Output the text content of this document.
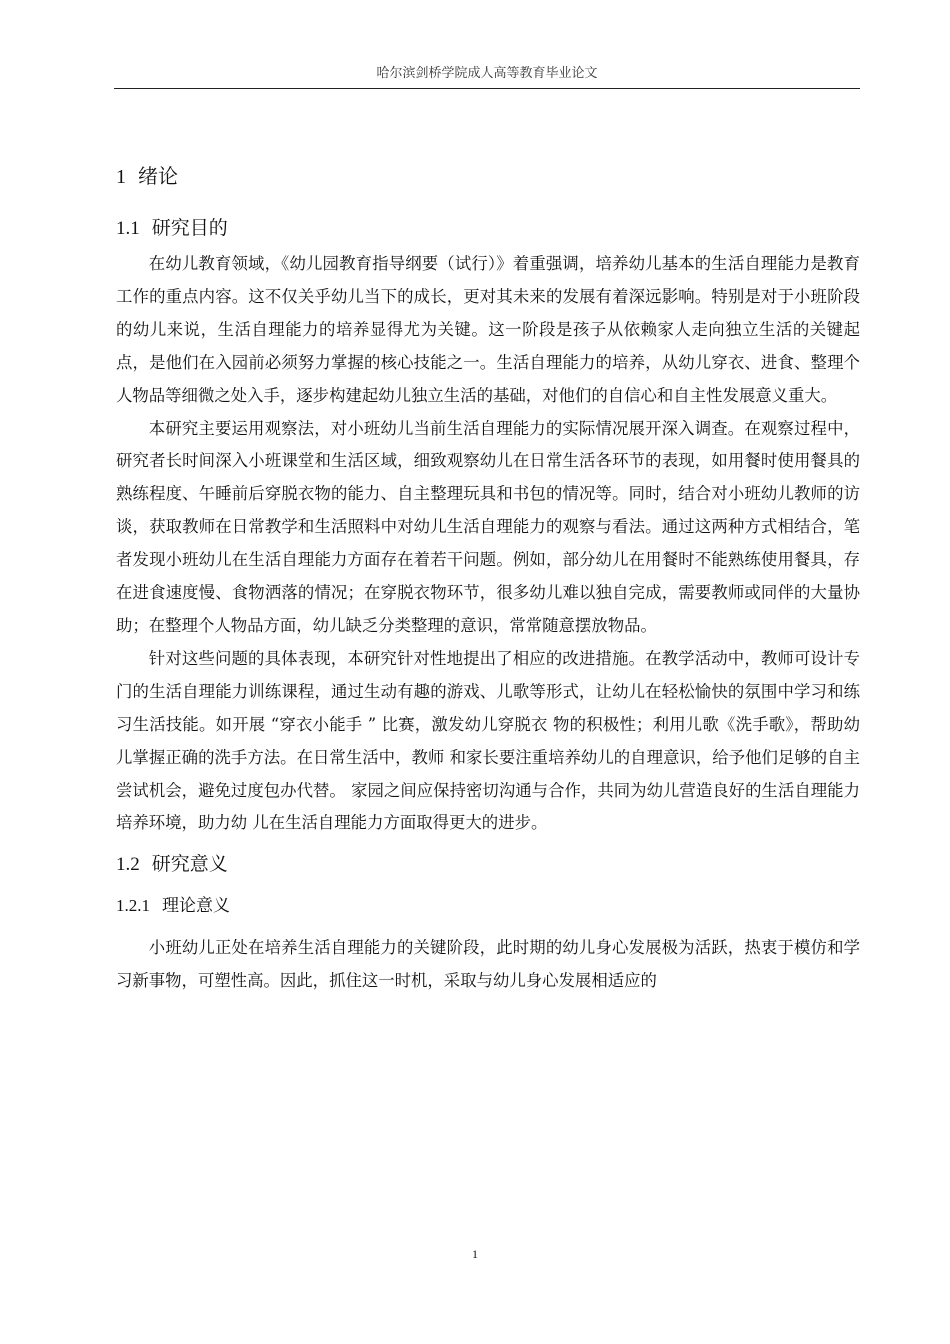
哈尔滨剑桥学院成人高等教育毕业论文
1 绪论
1.1 研究目的

在幼儿教育领域，《幼儿园教育指导纲要（试行）》着重强调，培养幼儿基本的生活自理能力是教育工作的重点内容。这不仅关乎幼儿当下的成长，更对其未来的发展有着深远影响。特别是对于小班阶段的幼儿来说，生活自理能力的培养显得尤为关键。这一阶段是孩子从依赖家人走向独立生活的关键起点，是他们在入园前必须努力掌握的核心技能之一。生活自理能力的培养，从幼儿穿衣、进食、整理个人物品等细微之处入手，逐步构建起幼儿独立生活的基础，对他们的自信心和自主性发展意义重大。

本研究主要运用观察法，对小班幼儿当前生活自理能力的实际情况展开深入调查。在观察过程中，研究者长时间深入小班课堂和生活区域，细致观察幼儿在日常生活各环节的表现，如用餐时使用餐具的熟练程度、午睡前后穿脱衣物的能力、自主整理玩具和书包的情况等。同时，结合对小班幼儿教师的访谈，获取教师在日常教学和生活照料中对幼儿生活自理能力的观察与看法。通过这两种方式相结合，笔者发现小班幼儿在生活自理能力方面存在着若干问题。例如，部分幼儿在用餐时不能熟练使用餐具，存在进食速度慢、食物洒落的情况；在穿脱衣物环节，很多幼儿难以独自完成，需要教师或同伴的大量协助；在整理个人物品方面，幼儿缺乏分类整理的意识，常常随意摆放物品。

针对这些问题的具体表现，本研究针对性地提出了相应的改进措施。在教学活动中，教师可设计专门的生活自理能力训练课程，通过生动有趣的游戏、儿歌等形式，让幼儿在轻松愉快的氛围中学习和练习生活技能。如开展 “穿衣小能手 ” 比赛，激发幼儿穿脱衣 物的积极性；利用儿歌《洗手歌》，帮助幼儿掌握正确的洗手方法。在日常生活中，教师 和家长要注重培养幼儿的自理意识，给予他们足够的自主尝试机会，避免过度包办代替。 家园之间应保持密切沟通与合作，共同为幼儿营造良好的生活自理能力培养环境，助力幼 儿在生活自理能力方面取得更大的进步。

1.2 研究意义
1.2.1 理论意义

小班幼儿正处在培养生活自理能力的关键阶段，此时期的幼儿身心发展极为活跃，热衷于模仿和学习新事物，可塑性高。因此，抓住这一时机，采取与幼儿身心发展相适应的

1
